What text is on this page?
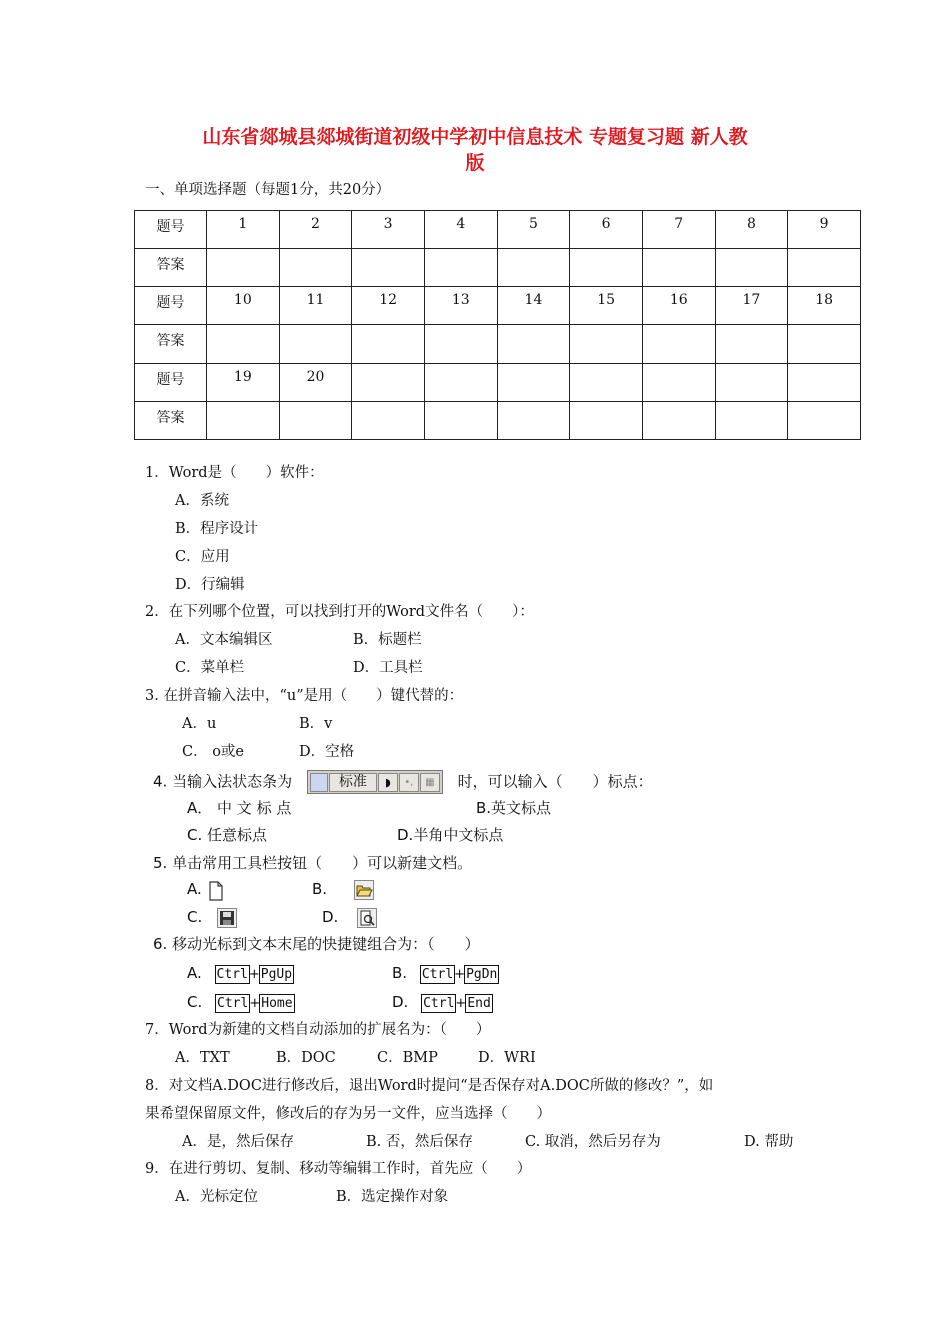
山东省郯城县郯城街道初级中学初中信息技术 专题复习题 新人教
版
一、单项选择题（每题1分，共20分）
题号	1	2	3	4	5	6	7	8	9
答案									
题号	10	11	12	13	14	15	16	17	18
答案									
题号	19	20							
答案									
1．Word是（　　）软件：
A．系统
B．程序设计
C．应用
D．行编辑
2．在下列哪个位置，可以找到打开的Word文件名（　　）：
A．文本编辑区	B．标题栏
C．菜单栏	D．工具栏
3. 在拼音输入法中，“u”是用（　　）键代替的：
A．u	B．v
C． o或e	D．空格
4. 当输入法状态条为	标准	◗	•,	▦	时，可以输入（　　）标点：
A． 中 文 标 点	B.英文标点
C. 任意标点	D.半角中文标点
5. 单击常用工具栏按钮（　　）可以新建文档。
A.	B.
C.	D.
6. 移动光标到文本末尾的快捷键组合为：（　　）
A. Ctrl+PgUp	B. Ctrl+PgDn
C. Ctrl+Home	D. Ctrl+End
7．Word为新建的文档自动添加的扩展名为：（　　）
A．TXT	B．DOC	C．BMP	D．WRI
8．对文档A.DOC进行修改后，退出Word时提问“是否保存对A.DOC所做的修改？”，如
果希望保留原文件，修改后的存为另一文件，应当选择（　　）
A．是，然后保存	B. 否，然后保存	C. 取消，然后另存为	D. 帮助
9．在进行剪切、复制、移动等编辑工作时，首先应（　　）
A．光标定位	B．选定操作对象
